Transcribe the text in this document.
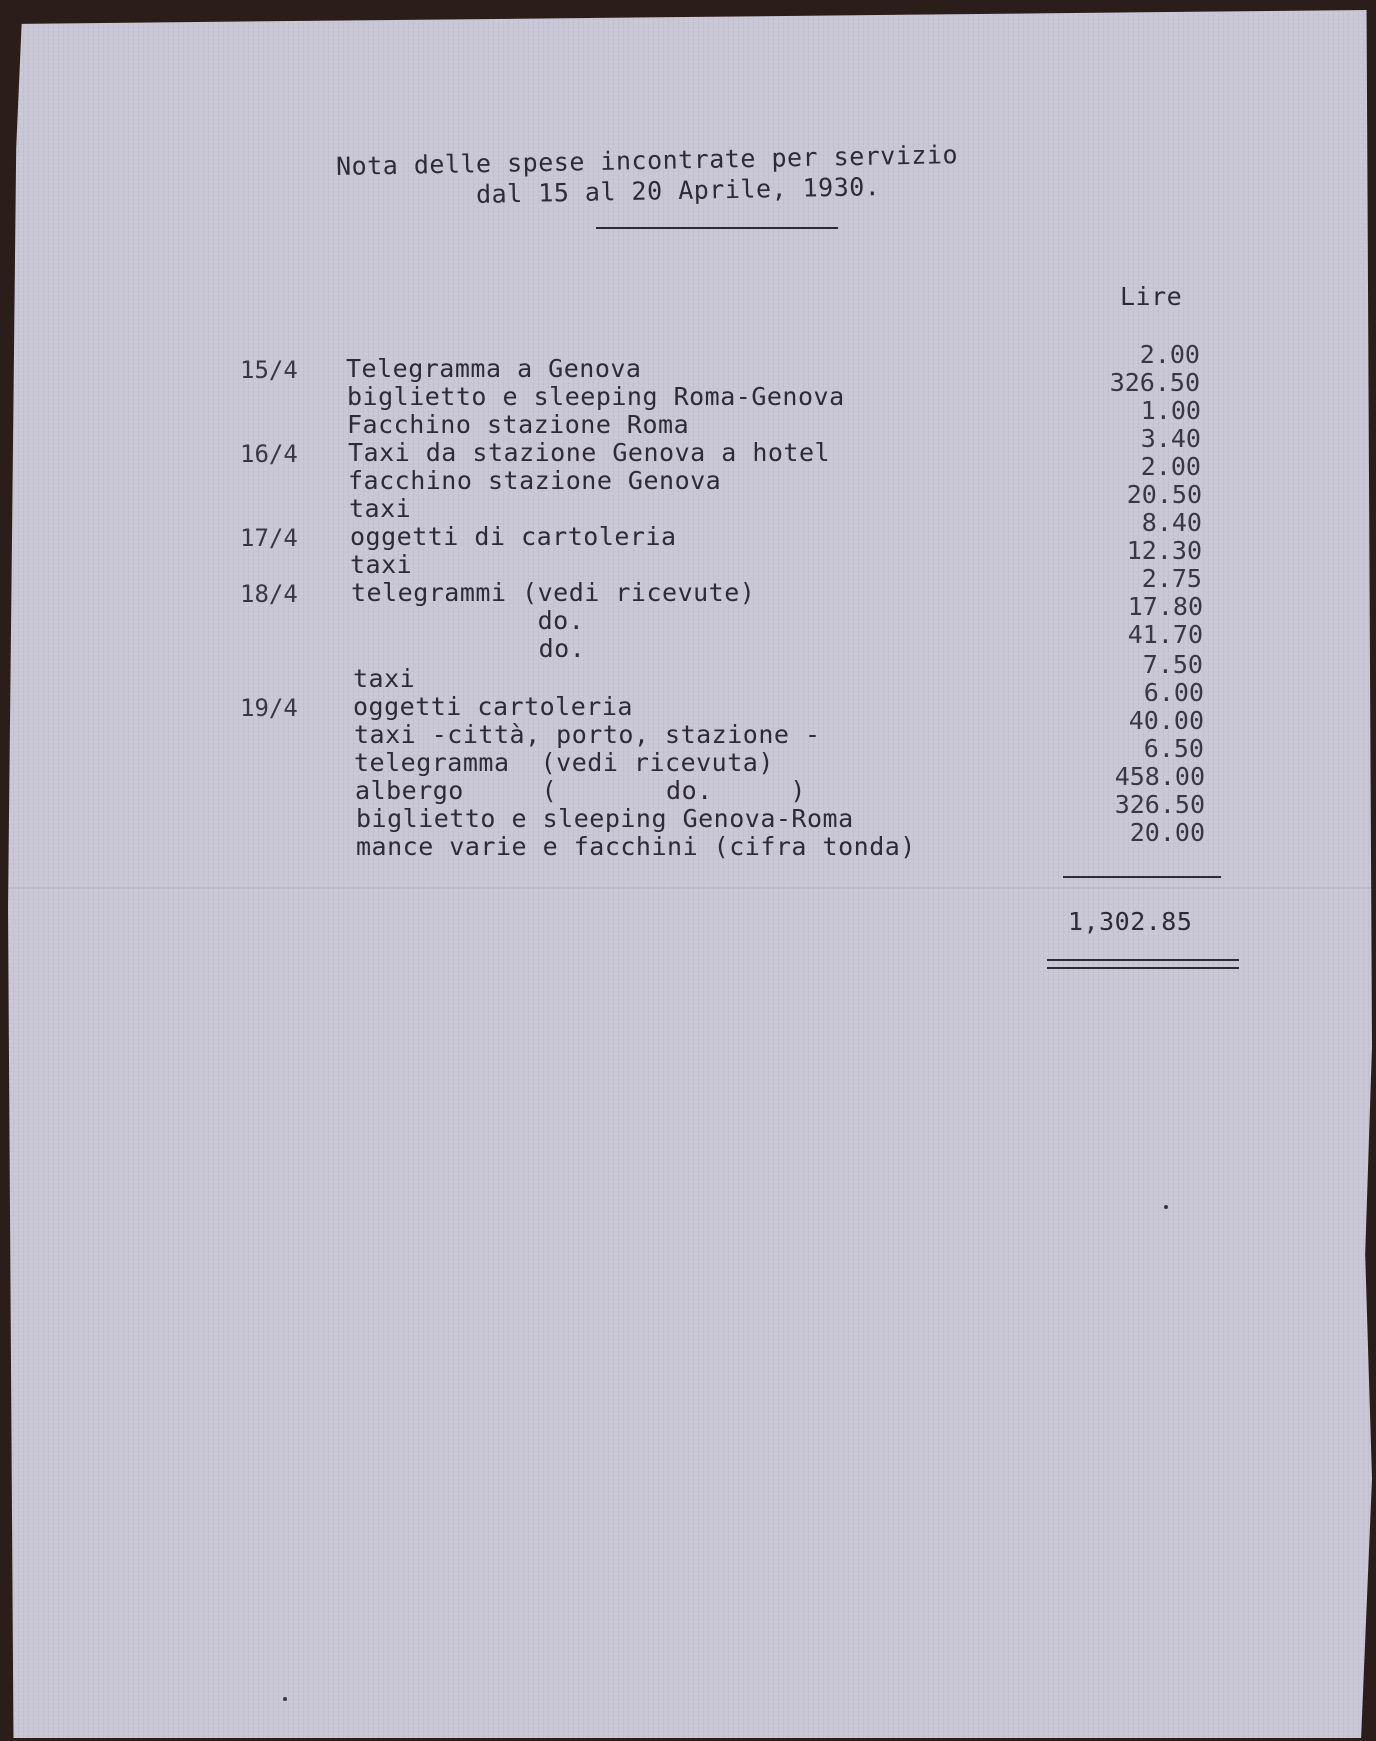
Nota delle spese incontrate per servizio
dal 15 al 20 Aprile, 1930.
Lire
15/4 Telegramma a Genova	2.00
biglietto e sleeping Roma-Genova	326.50
Facchino stazione Roma	1.00
16/4 Taxi da stazione Genova a hotel	3.40
facchino stazione Genova	2.00
taxi	20.50
17/4 oggetti di cartoleria	8.40
taxi	12.30
18/4 telegrammi (vedi ricevute)	2.75
do.	17.80
do.	41.70
taxi	7.50
19/4 oggetti cartoleria	6.00
taxi -città, porto, stazione -	40.00
telegramma  (vedi ricevuta)	6.50
albergo     (       do.     )	458.00
biglietto e sleeping Genova-Roma	326.50
mance varie e facchini (cifra tonda)	20.00
1,302.85
